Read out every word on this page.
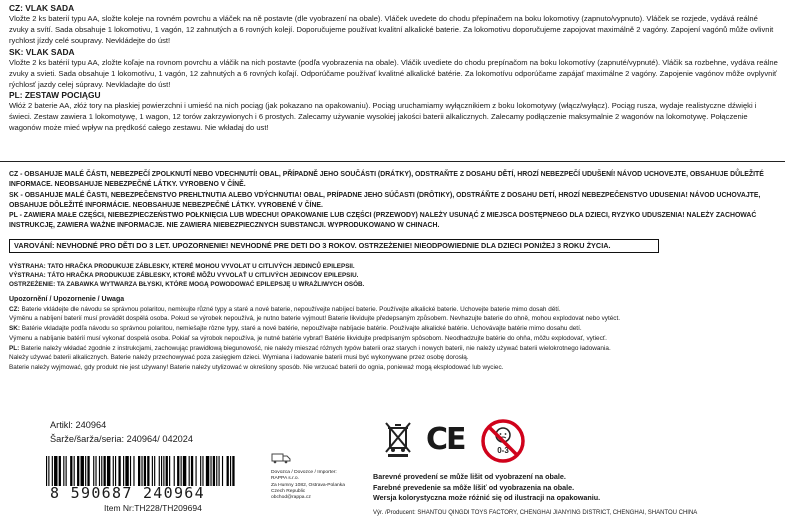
CZ: VLAK SADA

Vložte 2 ks baterií typu AA, složte koleje na rovném povrchu a vláček na ně postavte (dle vyobrazení na obale). Vláček uvedete do chodu přepínačem na boku lokomotivy (zapnuto/vypnuto). Vláček se rozjede, vydává reálné zvuky a svítí. Sada obsahuje 1 lokomotivu, 1 vagón, 12 zahnutých a 6 rovných kolejí. Doporučujeme používat kvalitní alkalické baterie. Za lokomotivu doporučujeme zapojovat maximálně 2 vagóny. Zapojení vagónů může ovlivnit rychlost jízdy celé soupravy. Nevkládejte do úst!

SK: VLAK SADA

Vložte 2 ks batérií typu AA, zložte koľaje na rovnom povrchu a vláčik na nich postavte (podľa vyobrazenia na obale). Vláčik uvediete do chodu prepínačom na boku lokomotívy (zapnuté/vypnuté). Vláčik sa rozbehne, vydáva reálne zvuky a svieti. Sada obsahuje 1 lokomotívu, 1 vagón, 12 zahnutých a 6 rovných koľají. Odporúčame používať kvalitné alkalické batérie. Za lokomotívu odporúčame zapájať maximálne 2 vagóny. Zapojenie vagónov môže ovplyvniť rýchlosť jazdy celej súpravy. Nevkladajte do úst!

PL: ZESTAW POCIĄGU

Włóż 2 baterie AA, złóż tory na płaskiej powierzchni i umieść na nich pociąg (jak pokazano na opakowaniu). Pociąg uruchamiamy wyłącznikiem z boku lokomotywy (włącz/wyłącz). Pociąg rusza, wydaje realistyczne dźwięki i świeci. Zestaw zawiera 1 lokomotywę, 1 wagon, 12 torów zakrzywionych i 6 prostych. Zalecamy używanie wysokiej jakości baterii alkalicznych. Zalecamy podłączenie maksymalnie 2 wagonów na lokomotywę. Połączenie wagonów może mieć wpływ na prędkość całego zestawu. Nie wkładaj do ust!

CZ - OBSAHUJE MALÉ ČÁSTI, NEBEZPEČÍ ZPOLKNUTÍ NEBO VDECHNUTÍ! OBAL, PŘÍPADNĚ JEHO SOUČÁSTI (DRÁTKY), ODSTRAŇTE Z DOSAHU DĚTÍ, HROZÍ NEBEZPEČÍ UDUŠENÍ! NÁVOD UCHOVEJTE, OBSAHUJE DŮLEŽITÉ INFORMACE. NEOBSAHUJE NEBEZPEČNÉ LÁTKY. VYROBENO V ČÍNĚ.

SK - OBSAHUJE MALÉ ČASTI, NEBEZPEČENSTVO PREHLTNUTIA ALEBO VDÝCHNUTIA! OBAL, PRÍPADNE JEHO SÚČASTI (DRÔTIKY), ODSTRÁŇTE Z DOSAHU DETÍ, HROZÍ NEBEZPEČENSTVO UDUSENIA! NÁVOD UCHOVAJTE, OBSAHUJE DÔLEŽITÉ INFORMÁCIE. NEOBSAHUJE NEBEZPEČNÉ LÁTKY. VYROBENÉ V ČÍNE.

PL - ZAWIERA MAŁE CZĘŚCI, NIEBEZPIECZEŃSTWO POŁKNIĘCIA LUB WDECHU! OPAKOWANIE LUB CZĘŚCI (PRZEWODY) NALEŻY USUNĄĆ Z MIEJSCA DOSTĘPNEGO DLA DZIECI, RYZYKO UDUSZENIA! NALEŻY ZACHOWAĆ INSTRUKCJĘ, ZAWIERA WAŻNE INFORMACJE. NIE ZAWIERA NIEBEZPIECZNYCH SUBSTANCJI. WYPRODUKOWANO W CHINACH.

VAROVÁNÍ: NEVHODNÉ PRO DĚTI DO 3 LET. UPOZORNENIE! NEVHODNÉ PRE DETI DO 3 ROKOV. OSTRZEŻENIE! NIEODPOWIEDNIE DLA DZIECI PONIŻEJ 3 ROKU ŻYCIA.

VÝSTRAHA: TATO HRAČKA PRODUKUJE ZÁBLESKY, KTERÉ MOHOU VYVOLAT U CITLIVÝCH JEDINCŮ EPILEPSII.

VÝSTRAHA: TÁTO HRAČKA PRODUKUJE ZÁBLESKY, KTORÉ MÔŽU VYVOLAŤ U CITLIVÝCH JEDINCOV EPILEPSIU.

OSTRZEŻENIE: TA ZABAWKA WYTWARZA BŁYSKI, KTÓRE MOGĄ POWODOWAĆ EPILEPSJĘ U WRAŻLIWYCH OSÓB.

Upozornění / Upozornenie / Uwaga

CZ: Baterie vkládejte dle návodu se správnou polaritou, nemixujte různé typy a staré a nové baterie, nepoužívejte nabíjecí baterie. Používejte alkalické baterie. Uchovejte baterie mimo dosah dětí.

Výměnu a nabíjení baterií musí provádět dospělá osoba. Pokud se výrobek nepoužívá, je nutno baterie vyjmout! Baterie likvidujte předepsaným způsobem. Nevhazujte baterie do ohně, mohou explodovat nebo vytéct.

SK: Batérie vkladajte podľa návodu so správnou polaritou, nemiešajte rôzne typy, staré a nové batérie, nepoužívajte nabíjacie batérie. Používajte alkalické batérie. Uchovávajte batérie mimo dosahu detí.

Výmenu a nabíjanie batérií musí vykonať dospelá osoba. Pokiaľ sa výrobok nepoužíva, je nutné batérie vybrať! Batérie likvidujte predpísaným spôsobom. Neodhadzujte batérie do ohňa, môžu explodovať, vytiecť.

PL: Baterie należy wkładać zgodnie z instrukcjami, zachowując prawidłową biegunowość, nie należy mieszać różnych typów baterii oraz starych i nowych baterii, nie należy używać baterii wielokrotnego ładowania.

Należy używać baterii alkalicznych. Baterie należy przechowywać poza zasięgiem dzieci. Wymiana i ładowanie baterii musi być wykonywane przez osobę dorosłą.

Baterie należy wyjmować, gdy produkt nie jest używany! Baterie należy utylizować w określony sposób. Nie wrzucać baterii do ognia, ponieważ mogą eksplodować lub wyciec.

Artikl: 240964
Šarže/šarža/seria: 240964/ 042024
8 590687 240964
Item Nr:TH228/TH209694
Dovozca / Dovozce / Importer:
RAPPA s.r.o.
Za Humny 1082, Ostrava-Polanka
Czech Republic
obchod@rappa.cz
CE	0-3
Barevné provedení se může lišit od vyobrazení na obale.
Farebné prevedenie sa môže líšiť od vyobrazenia na obale.
Wersja kolorystyczna może różnić się od ilustracji na opakowaniu.
Výr. /Producent: SHANTOU QINGDI TOYS FACTORY, CHENGHAI JIANYING DISTRICT, CHENGHAI, SHANTOU CHINA
